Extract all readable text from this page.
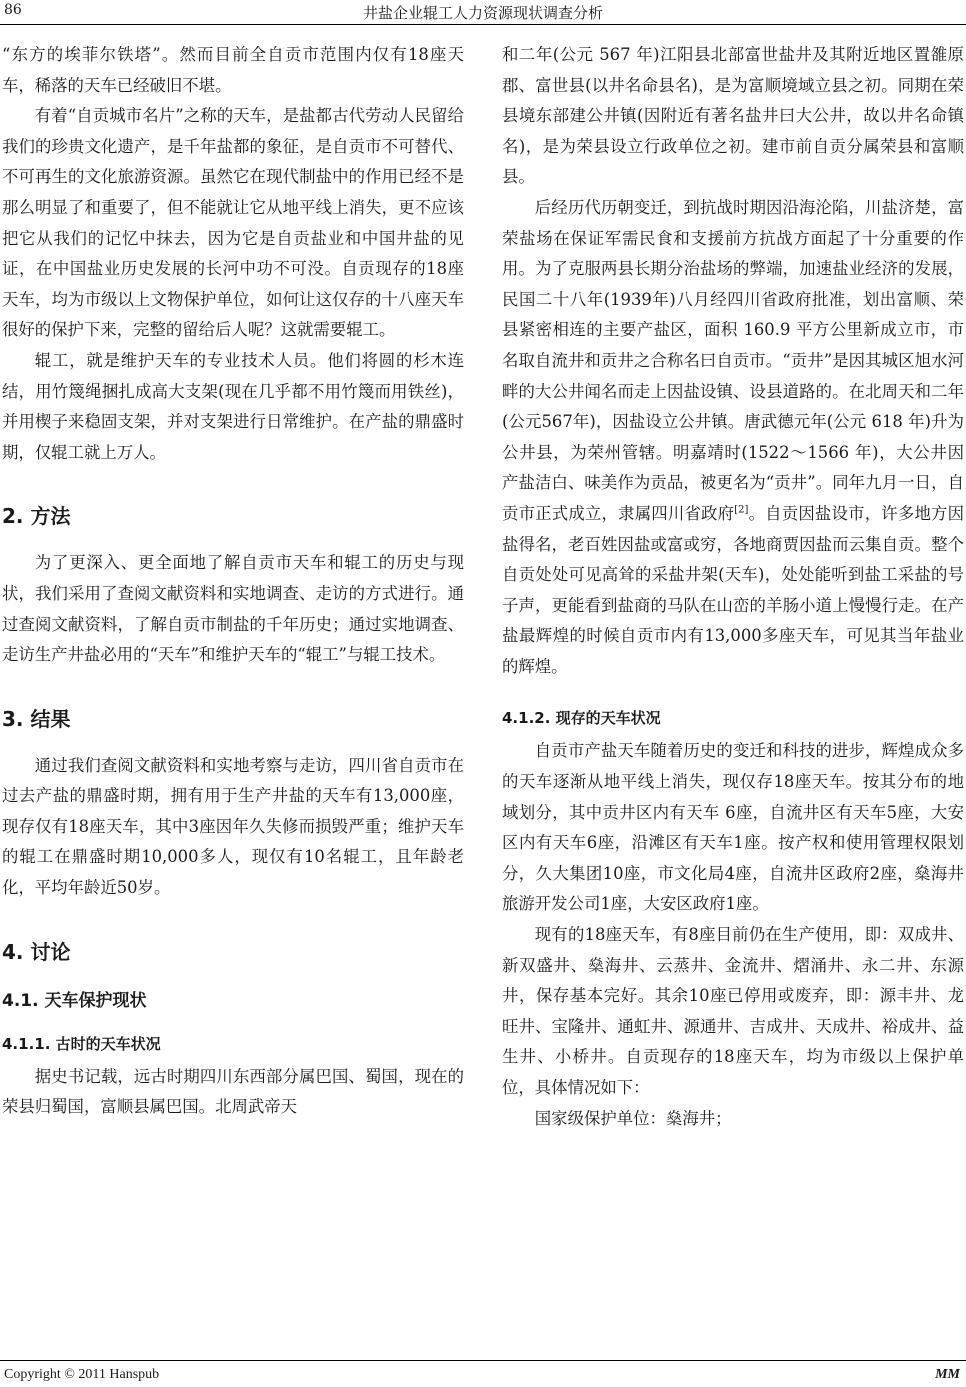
86	井盐企业辊工人力资源现状调查分析

“东方的埃菲尔铁塔”。然而目前全自贡市范围内仅有18座天车，稀落的天车已经破旧不堪。

有着“自贡城市名片”之称的天车，是盐都古代劳动人民留给我们的珍贵文化遗产，是千年盐都的象征，是自贡市不可替代、不可再生的文化旅游资源。虽然它在现代制盐中的作用已经不是那么明显了和重要了，但不能就让它从地平线上消失，更不应该把它从我们的记忆中抹去，因为它是自贡盐业和中国井盐的见证，在中国盐业历史发展的长河中功不可没。自贡现存的18座天车，均为市级以上文物保护单位，如何让这仅存的十八座天车很好的保护下来，完整的留给后人呢？这就需要辊工。

辊工，就是维护天车的专业技术人员。他们将圆的杉木连结，用竹篾绳捆扎成高大支架(现在几乎都不用竹篾而用铁丝)，并用楔子来稳固支架，并对支架进行日常维护。在产盐的鼎盛时期，仅辊工就上万人。

2. 方法

为了更深入、更全面地了解自贡市天车和辊工的历史与现状，我们采用了查阅文献资料和实地调查、走访的方式进行。通过查阅文献资料，了解自贡市制盐的千年历史；通过实地调查、走访生产井盐必用的“天车”和维护天车的“辊工”与辊工技术。

3. 结果

通过我们查阅文献资料和实地考察与走访，四川省自贡市在过去产盐的鼎盛时期，拥有用于生产井盐的天车有13,000座，现存仅有18座天车，其中3座因年久失修而损毁严重；维护天车的辊工在鼎盛时期10,000多人，现仅有10名辊工，且年龄老化，平均年龄近50岁。

4. 讨论
4.1. 天车保护现状
4.1.1. 古时的天车状况

据史书记载，远古时期四川东西部分属巴国、蜀国，现在的荣县归蜀国，富顺县属巴国。北周武帝天

和二年(公元 567 年)江阳县北部富世盐井及其附近地区置雒原郡、富世县(以井名命县名)，是为富顺境域立县之初。同期在荣县境东部建公井镇(因附近有著名盐井曰大公井，故以井名命镇名)，是为荣县设立行政单位之初。建市前自贡分属荣县和富顺县。

后经历代历朝变迁，到抗战时期因沿海沦陷，川盐济楚，富荣盐场在保证军需民食和支援前方抗战方面起了十分重要的作用。为了克服两县长期分治盐场的弊端，加速盐业经济的发展，民国二十八年(1939年)八月经四川省政府批准，划出富顺、荣县紧密相连的主要产盐区，面积 160.9 平方公里新成立市，市名取自流井和贡井之合称名曰自贡市。“贡井”是因其城区旭水河畔的大公井闻名而走上因盐设镇、设县道路的。在北周天和二年(公元567年)，因盐设立公井镇。唐武德元年(公元 618 年)升为公井县，为荣州管辖。明嘉靖时(1522～1566 年)，大公井因产盐洁白、味美作为贡品，被更名为“贡井”。同年九月一日，自贡市正式成立，隶属四川省政府[2]。自贡因盐设市，许多地方因盐得名，老百姓因盐或富或穷，各地商贾因盐而云集自贡。整个自贡处处可见高耸的采盐井架(天车)，处处能听到盐工采盐的号子声，更能看到盐商的马队在山峦的羊肠小道上慢慢行走。在产盐最辉煌的时候自贡市内有13,000多座天车，可见其当年盐业的辉煌。

4.1.2. 现存的天车状况

自贡市产盐天车随着历史的变迁和科技的进步，辉煌成众多的天车逐渐从地平线上消失，现仅存18座天车。按其分布的地域划分，其中贡井区内有天车 6座，自流井区有天车5座，大安区内有天车6座，沿滩区有天车1座。按产权和使用管理权限划分，久大集团10座，市文化局4座，自流井区政府2座，燊海井旅游开发公司1座，大安区政府1座。

现有的18座天车，有8座目前仍在生产使用，即：双成井、新双盛井、燊海井、云蒸井、金流井、熠涌井、永二井、东源井，保存基本完好。其余10座已停用或废弃，即：源丰井、龙旺井、宝隆井、通虹井、源通井、吉成井、天成井、裕成井、益生井、小桥井。自贡现存的18座天车，均为市级以上保护单位，具体情况如下：

国家级保护单位：燊海井；

Copyright © 2011 Hanspub	MM
